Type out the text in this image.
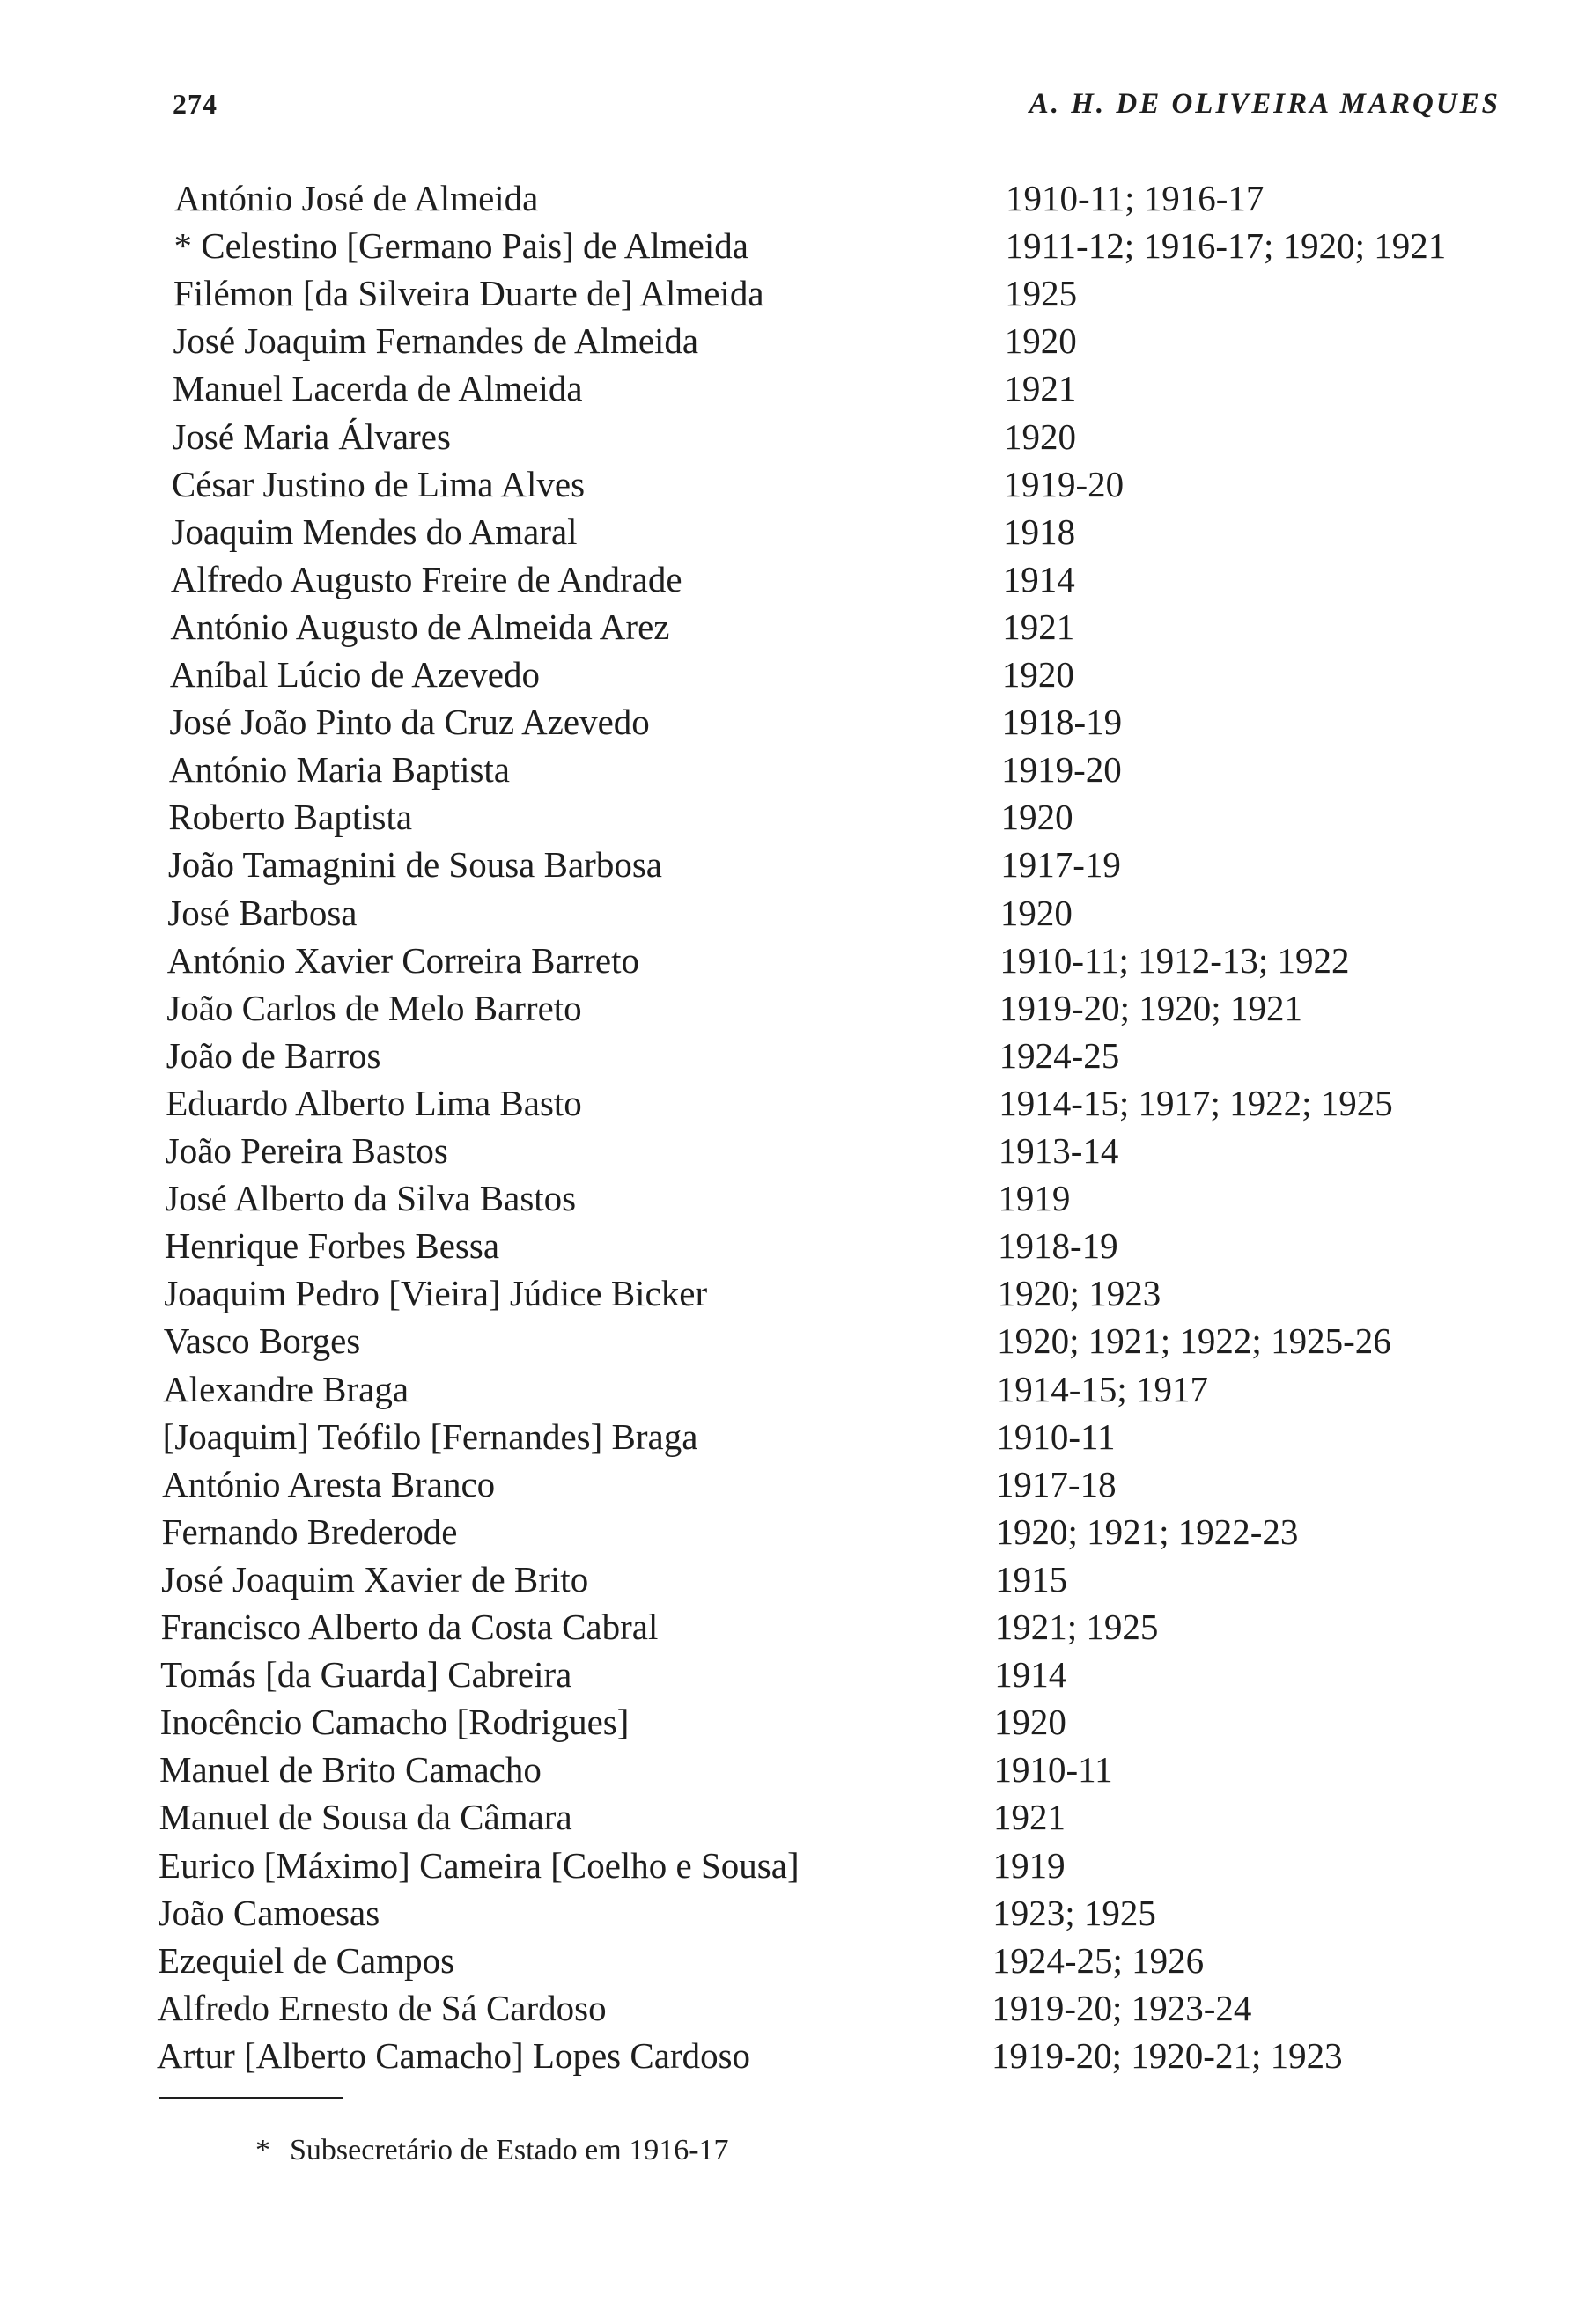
274	A. H. DE OLIVEIRA MARQUES
António José de Almeida	1910-11; 1916-17
* Celestino [Germano Pais] de Almeida	1911-12; 1916-17; 1920; 1921
Filémon [da Silveira Duarte de] Almeida	1925
José Joaquim Fernandes de Almeida	1920
Manuel Lacerda de Almeida	1921
José Maria Álvares	1920
César Justino de Lima Alves	1919-20
Joaquim Mendes do Amaral	1918
Alfredo Augusto Freire de Andrade	1914
António Augusto de Almeida Arez	1921
Aníbal Lúcio de Azevedo	1920
José João Pinto da Cruz Azevedo	1918-19
António Maria Baptista	1919-20
Roberto Baptista	1920
João Tamagnini de Sousa Barbosa	1917-19
José Barbosa	1920
António Xavier Correira Barreto	1910-11; 1912-13; 1922
João Carlos de Melo Barreto	1919-20; 1920; 1921
João de Barros	1924-25
Eduardo Alberto Lima Basto	1914-15; 1917; 1922; 1925
João Pereira Bastos	1913-14
José Alberto da Silva Bastos	1919
Henrique Forbes Bessa	1918-19
Joaquim Pedro [Vieira] Júdice Bicker	1920; 1923
Vasco Borges	1920; 1921; 1922; 1925-26
Alexandre Braga	1914-15; 1917
[Joaquim] Teófilo [Fernandes] Braga	1910-11
António Aresta Branco	1917-18
Fernando Brederode	1920; 1921; 1922-23
José Joaquim Xavier de Brito	1915
Francisco Alberto da Costa Cabral	1921; 1925
Tomás [da Guarda] Cabreira	1914
Inocêncio Camacho [Rodrigues]	1920
Manuel de Brito Camacho	1910-11
Manuel de Sousa da Câmara	1921
Eurico [Máximo] Cameira [Coelho e Sousa]	1919
João Camoesas	1923; 1925
Ezequiel de Campos	1924-25; 1926
Alfredo Ernesto de Sá Cardoso	1919-20; 1923-24
Artur [Alberto Camacho] Lopes Cardoso	1919-20; 1920-21; 1923
* Subsecretário de Estado em 1916-17
